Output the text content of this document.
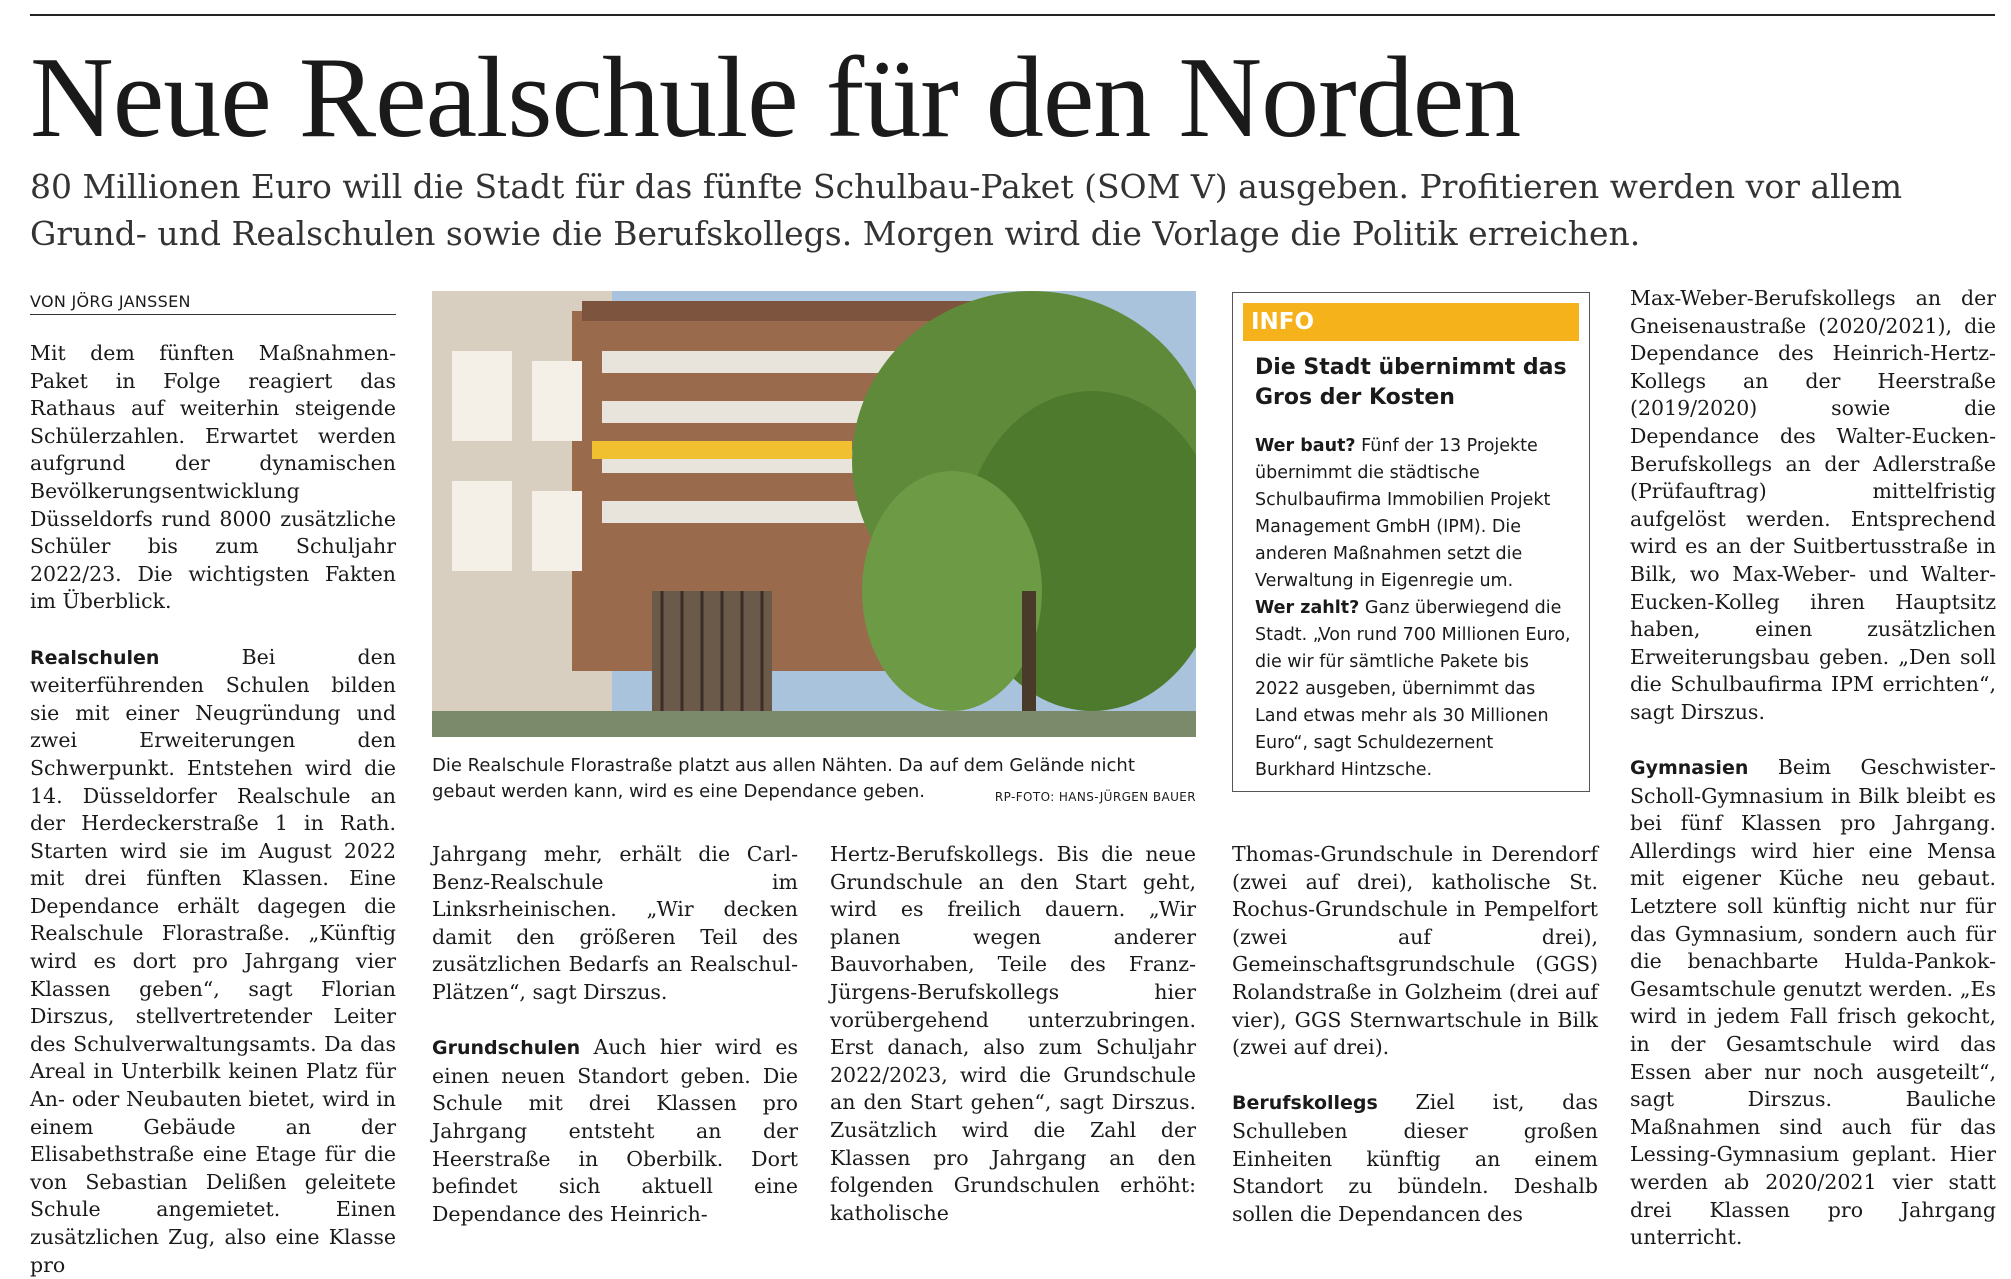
Neue Realschule für den Norden
80 Millionen Euro will die Stadt für das fünfte Schulbau-Paket (SOM V) ausgeben. Profitieren werden vor allem Grund- und Realschulen sowie die Berufskollegs. Morgen wird die Vorlage die Politik erreichen.
VON JÖRG JANSSEN

Mit dem fünften Maßnahmen-Paket in Folge reagiert das Rathaus auf weiterhin steigende Schülerzahlen. Erwartet werden aufgrund der dynamischen Bevölkerungsentwicklung Düsseldorfs rund 8000 zusätzliche Schüler bis zum Schuljahr 2022/23. Die wichtigsten Fakten im Überblick.

Realschulen Bei den weiterführenden Schulen bilden sie mit einer Neugründung und zwei Erweiterungen den Schwerpunkt. Entstehen wird die 14. Düsseldorfer Realschule an der Herdeckerstraße 1 in Rath. Starten wird sie im August 2022 mit drei fünften Klassen. Eine Dependance erhält dagegen die Realschule Florastraße. „Künftig wird es dort pro Jahrgang vier Klassen geben“, sagt Florian Dirszus, stellvertretender Leiter des Schulverwaltungsamts. Da das Areal in Unterbilk keinen Platz für An- oder Neubauten bietet, wird in einem Gebäude an der Elisabethstraße eine Etage für die von Sebastian Delißen geleitete Schule angemietet. Einen zusätzlichen Zug, also eine Klasse pro

Die Realschule Florastraße platzt aus allen Nähten. Da auf dem Gelände nicht gebaut werden kann, wird es eine Dependance geben.	RP-FOTO: HANS-JÜRGEN BAUER

Jahrgang mehr, erhält die Carl-Benz-Realschule im Linksrheinischen. „Wir decken damit den größeren Teil des zusätzlichen Bedarfs an Realschul-Plätzen“, sagt Dirszus.

Grundschulen Auch hier wird es einen neuen Standort geben. Die Schule mit drei Klassen pro Jahrgang entsteht an der Heerstraße in Oberbilk. Dort befindet sich aktuell eine Dependance des Heinrich-

Hertz-Berufskollegs. Bis die neue Grundschule an den Start geht, wird es freilich dauern. „Wir planen wegen anderer Bauvorhaben, Teile des Franz-Jürgens-Berufskollegs hier vorübergehend unterzubringen. Erst danach, also zum Schuljahr 2022/2023, wird die Grundschule an den Start gehen“, sagt Dirszus. Zusätzlich wird die Zahl der Klassen pro Jahrgang an den folgenden Grundschulen erhöht: katholische

INFO
Die Stadt übernimmt das Gros der Kosten
Wer baut? Fünf der 13 Projekte übernimmt die städtische Schulbaufirma Immobilien Projekt Management GmbH (IPM). Die anderen Maßnahmen setzt die Verwaltung in Eigenregie um.
Wer zahlt? Ganz überwiegend die Stadt. „Von rund 700 Millionen Euro, die wir für sämtliche Pakete bis 2022 ausgeben, übernimmt das Land etwas mehr als 30 Millionen Euro“, sagt Schuldezernent Burkhard Hintzsche.

Thomas-Grundschule in Derendorf (zwei auf drei), katholische St. Rochus-Grundschule in Pempelfort (zwei auf drei), Gemeinschaftsgrundschule (GGS) Rolandstraße in Golzheim (drei auf vier), GGS Sternwartschule in Bilk (zwei auf drei).

Berufskollegs Ziel ist, das Schulleben dieser großen Einheiten künftig an einem Standort zu bündeln. Deshalb sollen die Dependancen des

Max-Weber-Berufskollegs an der Gneisenaustraße (2020/2021), die Dependance des Heinrich-Hertz-Kollegs an der Heerstraße (2019/2020) sowie die Dependance des Walter-Eucken-Berufskollegs an der Adlerstraße (Prüfauftrag) mittelfristig aufgelöst werden. Entsprechend wird es an der Suitbertusstraße in Bilk, wo Max-Weber- und Walter-Eucken-Kolleg ihren Hauptsitz haben, einen zusätzlichen Erweiterungsbau geben. „Den soll die Schulbaufirma IPM errichten“, sagt Dirszus.

Gymnasien Beim Geschwister-Scholl-Gymnasium in Bilk bleibt es bei fünf Klassen pro Jahrgang. Allerdings wird hier eine Mensa mit eigener Küche neu gebaut. Letztere soll künftig nicht nur für das Gymnasium, sondern auch für die benachbarte Hulda-Pankok-Gesamtschule genutzt werden. „Es wird in jedem Fall frisch gekocht, in der Gesamtschule wird das Essen aber nur noch ausgeteilt“, sagt Dirszus. Bauliche Maßnahmen sind auch für das Lessing-Gymnasium geplant. Hier werden ab 2020/2021 vier statt drei Klassen pro Jahrgang unterricht.
